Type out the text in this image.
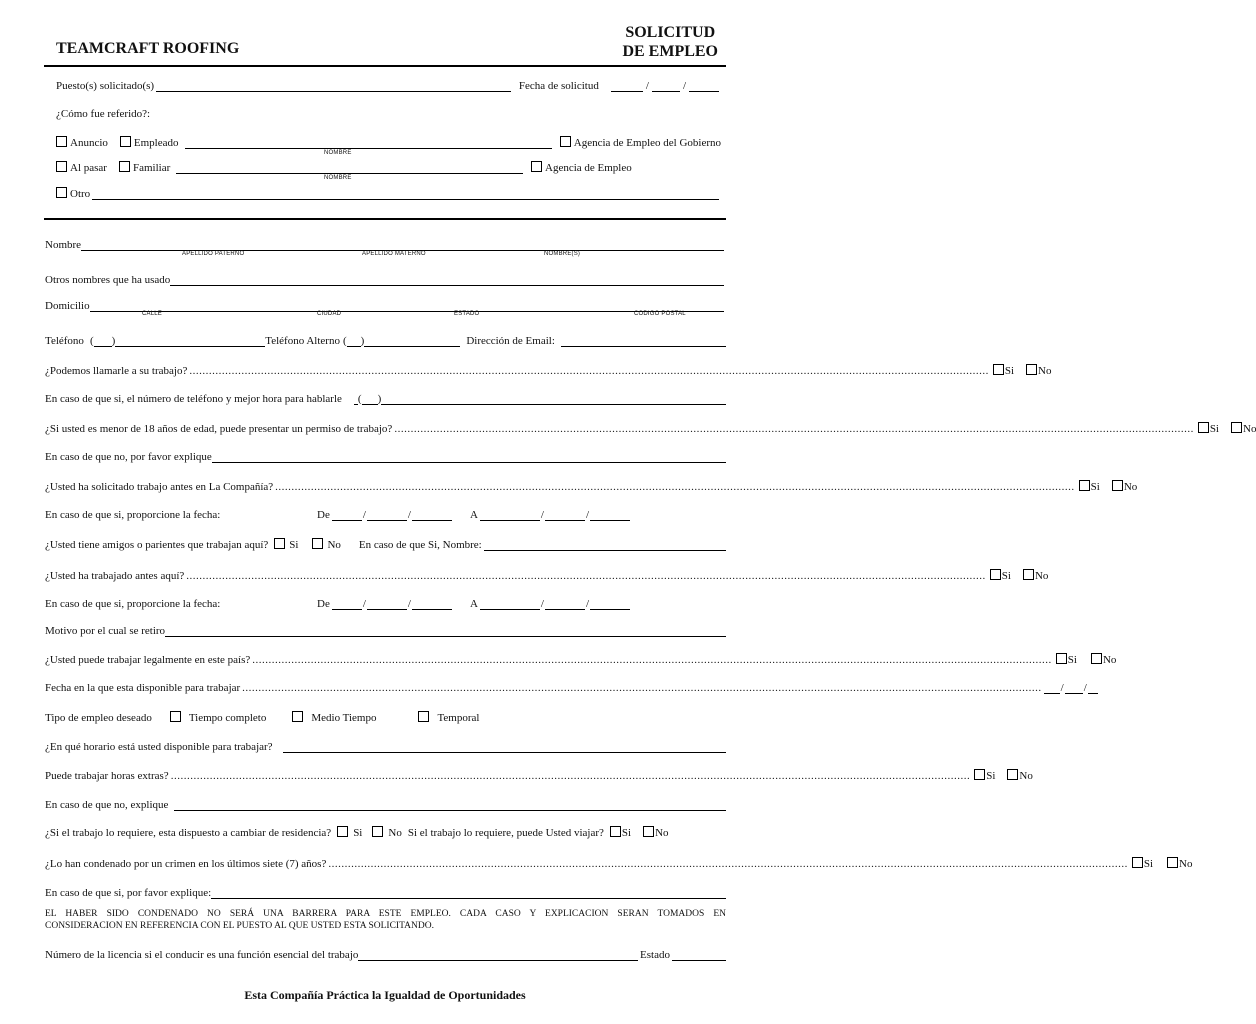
TEAMCRAFT ROOFING
SOLICITUD
DE EMPLEO
Puesto(s) solicitado(s)	Fecha de solicitud	/	/
¿Cómo fue referido?:
Anuncio Empleado	Agencia de Empleo del Gobierno
NOMBRE
Al pasar Familiar	Agencia de Empleo
NOMBRE
Otro
Nombre
APELLIDO PATERNO	APELLIDO MATERNO	NOMBRE(S)
Otros nombres que ha usado
Domicilio
CALLE	CIUDAD	ESTADO	CODIGO POSTAL
Teléfono ( )	Teléfono Alterno ( )	Dirección de Email:
¿Podemos llamarle a su trabajo? ...................................................................................................................................................................................................................................................... Si No
En caso de que si, el número de teléfono y mejor hora para hablarle ( )
¿Si usted es menor de 18 años de edad, puede presentar un permiso de trabajo? ...................................................................................................................................................................................................................................................... Si No
En caso de que no, por favor explique
¿Usted ha solicitado trabajo antes en La Compañía? ...................................................................................................................................................................................................................................................... Si No
En caso de que si, proporcione la fecha:	De	/	/	A	/	/
¿Usted tiene amigos o parientes que trabajan aquí? Si	No En caso de que Si, Nombre:
¿Usted ha trabajado antes aquí? ...................................................................................................................................................................................................................................................... Si No
En caso de que si, proporcione la fecha:	De	/	/	A	/	/
Motivo por el cual se retiro
¿Usted puede trabajar legalmente en este país? ...................................................................................................................................................................................................................................................... Si No
Fecha en la que esta disponible para trabajar ...................................................................................................................................................................................................................................................... / /
Tipo de empleo deseado	Tiempo completo	Medio Tiempo	Temporal
¿En qué horario está usted disponible para trabajar?
Puede trabajar horas extras? ...................................................................................................................................................................................................................................................... Si No
En caso de que no, explique
¿Si el trabajo lo requiere, esta dispuesto a cambiar de residencia? Si No Si el trabajo lo requiere, puede Usted viajar? Si No
¿Lo han condenado por un crimen en los últimos siete (7) años? ...................................................................................................................................................................................................................................................... Si No
En caso de que si, por favor explique:
EL HABER SIDO CONDENADO NO SERÁ UNA BARRERA PARA ESTE EMPLEO. CADA CASO Y EXPLICACION SERAN TOMADOS EN
CONSIDERACION EN REFERENCIA CON EL PUESTO AL QUE USTED ESTA SOLICITANDO.
Número de la licencia si el conducir es una función esencial del trabajo	Estado
Esta Compañía Práctica la Igualdad de Oportunidades
